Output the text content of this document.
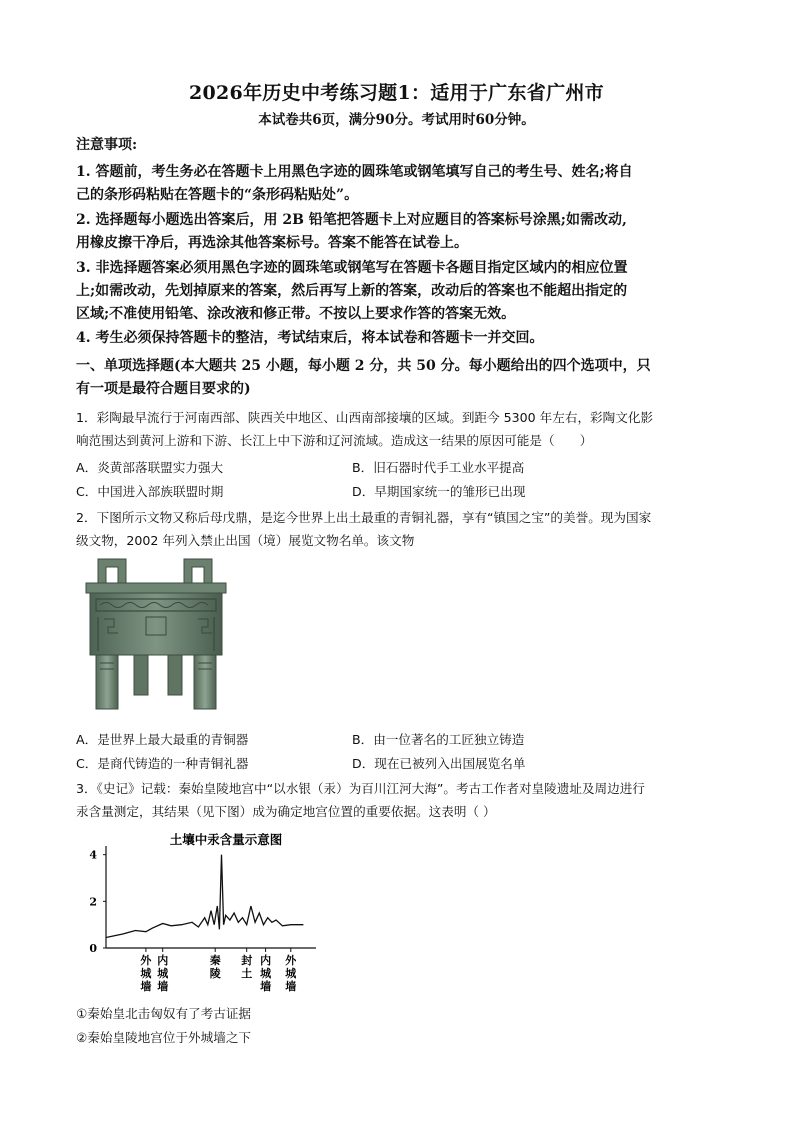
2026年历史中考练习题1：适用于广东省广州市
本试卷共6页，满分90分。考试用时60分钟。
注意事项:
1. 答题前，考生务必在答题卡上用黑色字迹的圆珠笔或钢笔填写自己的考生号、姓名;将自
己的条形码粘贴在答题卡的“条形码粘贴处”。
2. 选择题每小题选出答案后，用 2B 铅笔把答题卡上对应题目的答案标号涂黑;如需改动,
用橡皮擦干净后，再选涂其他答案标号。答案不能答在试卷上。
3. 非选择题答案必须用黑色字迹的圆珠笔或钢笔写在答题卡各题目指定区域内的相应位置
上;如需改动，先划掉原来的答案，然后再写上新的答案，改动后的答案也不能超出指定的
区域;不准使用铅笔、涂改液和修正带。不按以上要求作答的答案无效。
4. 考生必须保持答题卡的整洁，考试结束后，将本试卷和答题卡一并交回。
一、单项选择题(本大题共 25 小题，每小题 2 分，共 50 分。每小题给出的四个选项中，只
有一项是最符合题目要求的)
1．彩陶最早流行于河南西部、陕西关中地区、山西南部接壤的区域。到距今 5300 年左右，彩陶文化影
响范围达到黄河上游和下游、长江上中下游和辽河流域。造成这一结果的原因可能是（　　）
A．炎黄部落联盟实力强大	B．旧石器时代手工业水平提高
C．中国进入部族联盟时期	D．早期国家统一的雏形已出现
2．下图所示文物又称后母戊鼎，是迄今世界上出土最重的青铜礼器，享有“镇国之宝”的美誉。现为国家
级文物，2002 年列入禁止出国（境）展览文物名单。该文物
A．是世界上最大最重的青铜器	B．由一位著名的工匠独立铸造
C．是商代铸造的一种青铜礼器	D．现在已被列入出国展览名单
3．《史记》记载：秦始皇陵地宫中“以水银（汞）为百川江河大海”。考古工作者对皇陵遗址及周边进行
汞含量测定，其结果（见下图）成为确定地宫位置的重要依据。这表明（ ）
土壤中汞含量示意图
0
2
4
外
城
墙
内
城
墙
秦
陵
封
土
内
城
墙
外
城
墙
①秦始皇北击匈奴有了考古证据
②秦始皇陵地宫位于外城墙之下
